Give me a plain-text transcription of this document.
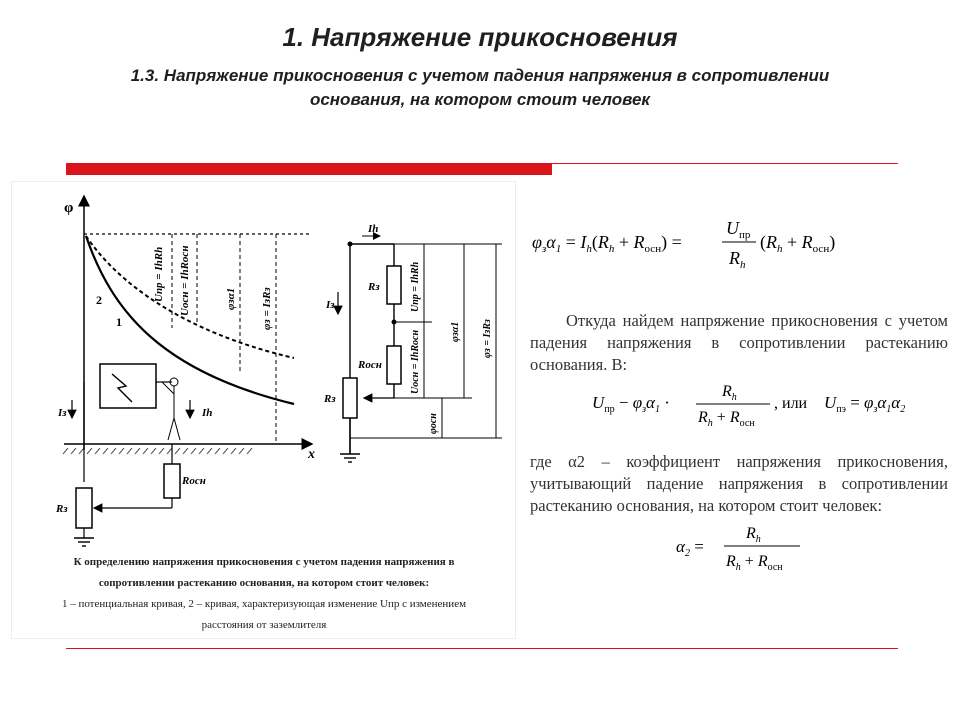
1. Напряжение прикосновения
1.3. Напряжение прикосновения с учетом падения напряжения в сопротивлении
основания, на котором стоит человек
φ
x
2
1
Uпр = IhRh Uосн = IhRосн	φзα1 φз = IзRз
Iз	Ih
Rосн
Rз
Ih
Rз
Rосн
Iз
Rз
Uпр = IhRh
Uосн = IhRосн	φзα1
φосн
φз = IзRз
К определению напряжения прикосновения с учетом падения напряжения в
сопротивлении растеканию основания, на котором стоит человек:
1 – потенциальная кривая, 2 – кривая, характеризующая изменение Uпр с изменением
расстояния от заземлителя
$\varphi_з\alpha_1 = I_h(R_h + R_{осн})$ =
$U_{пр}$
$R_h$
$(R_h + R_{осн})$

Откуда найдем напряжение прикосновения с учетом падения напряжения в сопротивлении растеканию основания. В:

$U_{пр} - \varphi_з\alpha_1$ ·
$R_h$
$R_h + R_{осн}$
, или $U_{пэ} = \varphi_з\alpha_1\alpha_2$

где α2 – коэффициент напряжения прикосновения, учитывающий падение напряжения в сопротивлении растеканию основания, на котором стоит человек:

$\alpha_2$ =
$R_h$
$R_h + R_{осн}$
